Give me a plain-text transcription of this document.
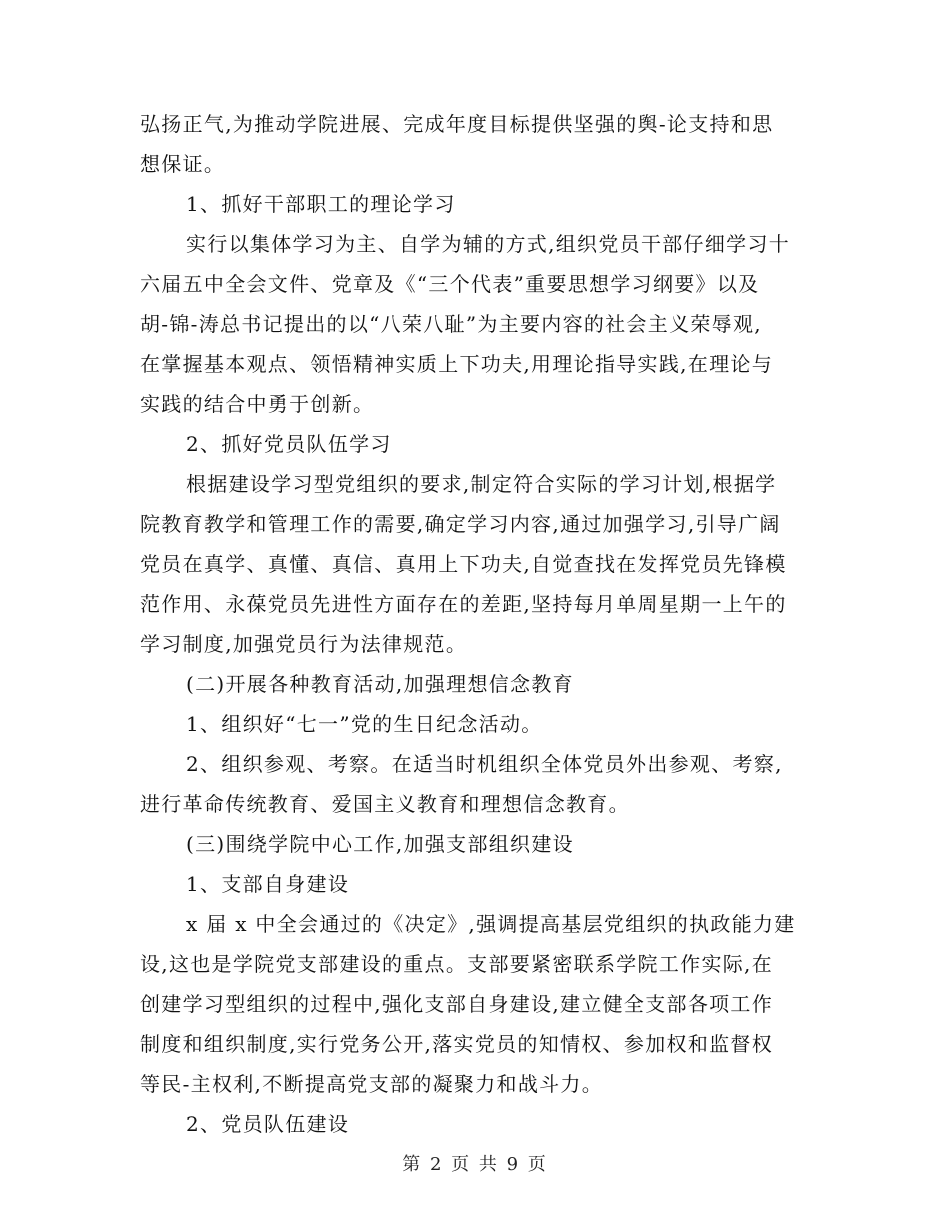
弘扬正气,为推动学院进展、完成年度目标提供坚强的舆-论支持和思
想保证。
1、抓好干部职工的理论学习
实行以集体学习为主、自学为辅的方式,组织党员干部仔细学习十
六届五中全会文件、党章及《“三个代表”重要思想学习纲要》以及
胡-锦-涛总书记提出的以“八荣八耻”为主要内容的社会主义荣辱观,
在掌握基本观点、领悟精神实质上下功夫,用理论指导实践,在理论与
实践的结合中勇于创新。
2、抓好党员队伍学习
根据建设学习型党组织的要求,制定符合实际的学习计划,根据学
院教育教学和管理工作的需要,确定学习内容,通过加强学习,引导广阔
党员在真学、真懂、真信、真用上下功夫,自觉查找在发挥党员先锋模
范作用、永葆党员先进性方面存在的差距,坚持每月单周星期一上午的
学习制度,加强党员行为法律规范。
(二)开展各种教育活动,加强理想信念教育
1、组织好“七一”党的生日纪念活动。
2、组织参观、考察。在适当时机组织全体党员外出参观、考察,
进行革命传统教育、爱国主义教育和理想信念教育。
(三)围绕学院中心工作,加强支部组织建设
1、支部自身建设
x 届 x 中全会通过的《决定》,强调提高基层党组织的执政能力建
设,这也是学院党支部建设的重点。支部要紧密联系学院工作实际,在
创建学习型组织的过程中,强化支部自身建设,建立健全支部各项工作
制度和组织制度,实行党务公开,落实党员的知情权、参加权和监督权
等民-主权利,不断提高党支部的凝聚力和战斗力。
2、党员队伍建设
第 2 页 共 9 页
